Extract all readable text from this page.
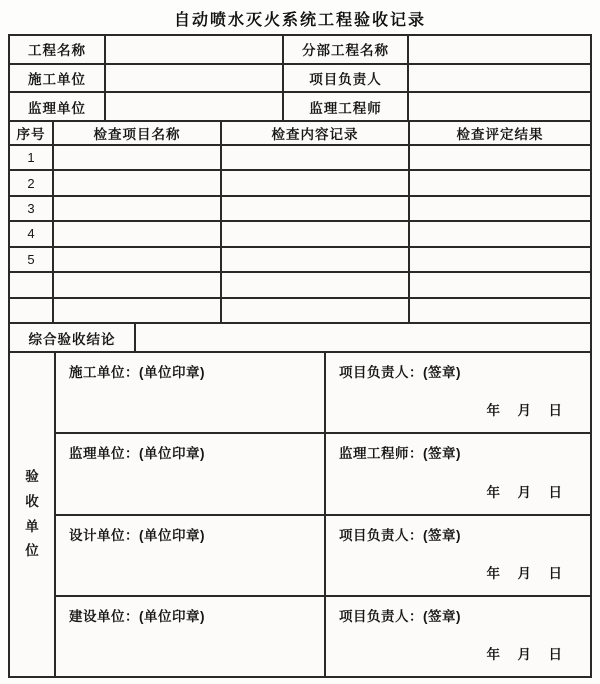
自动喷水灭火系统工程验收记录
工程名称	分部工程名称
施工单位	项目负责人
监理单位	监理工程师
序号	检查项目名称	检查内容记录	检查评定结果
1
2
3
4
5
综合验收结论
验收单位
施工单位：(单位印章)	项目负责人：(签章)
年　月　日
监理单位：(单位印章)	监理工程师：(签章)
年　月　日
设计单位：(单位印章)	项目负责人：(签章)
年　月　日
建设单位：(单位印章)	项目负责人：(签章)
年　月　日
